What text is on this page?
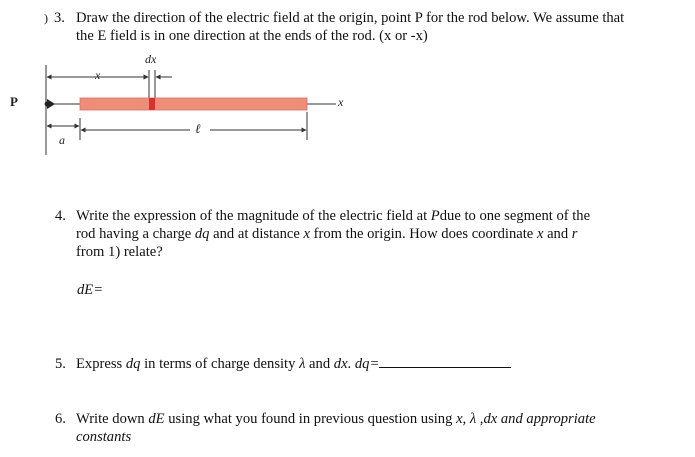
) 3. Draw the direction of the electric field at the origin, point P for the rod below. We assume that the E field is in one direction at the ends of the rod. (x or -x)
dx
x
P	x
a
ℓ
4. Write the expression of the magnitude of the electric field at Pdue to one segment of the
rod having a charge dq and at distance x from the origin. How does coordinate x and r
from 1) relate?
dE=
5. Express dq in terms of charge density λ and dx. dq=
6. Write down dE using what you found in previous question using x, λ ,dx and appropriate
constants
